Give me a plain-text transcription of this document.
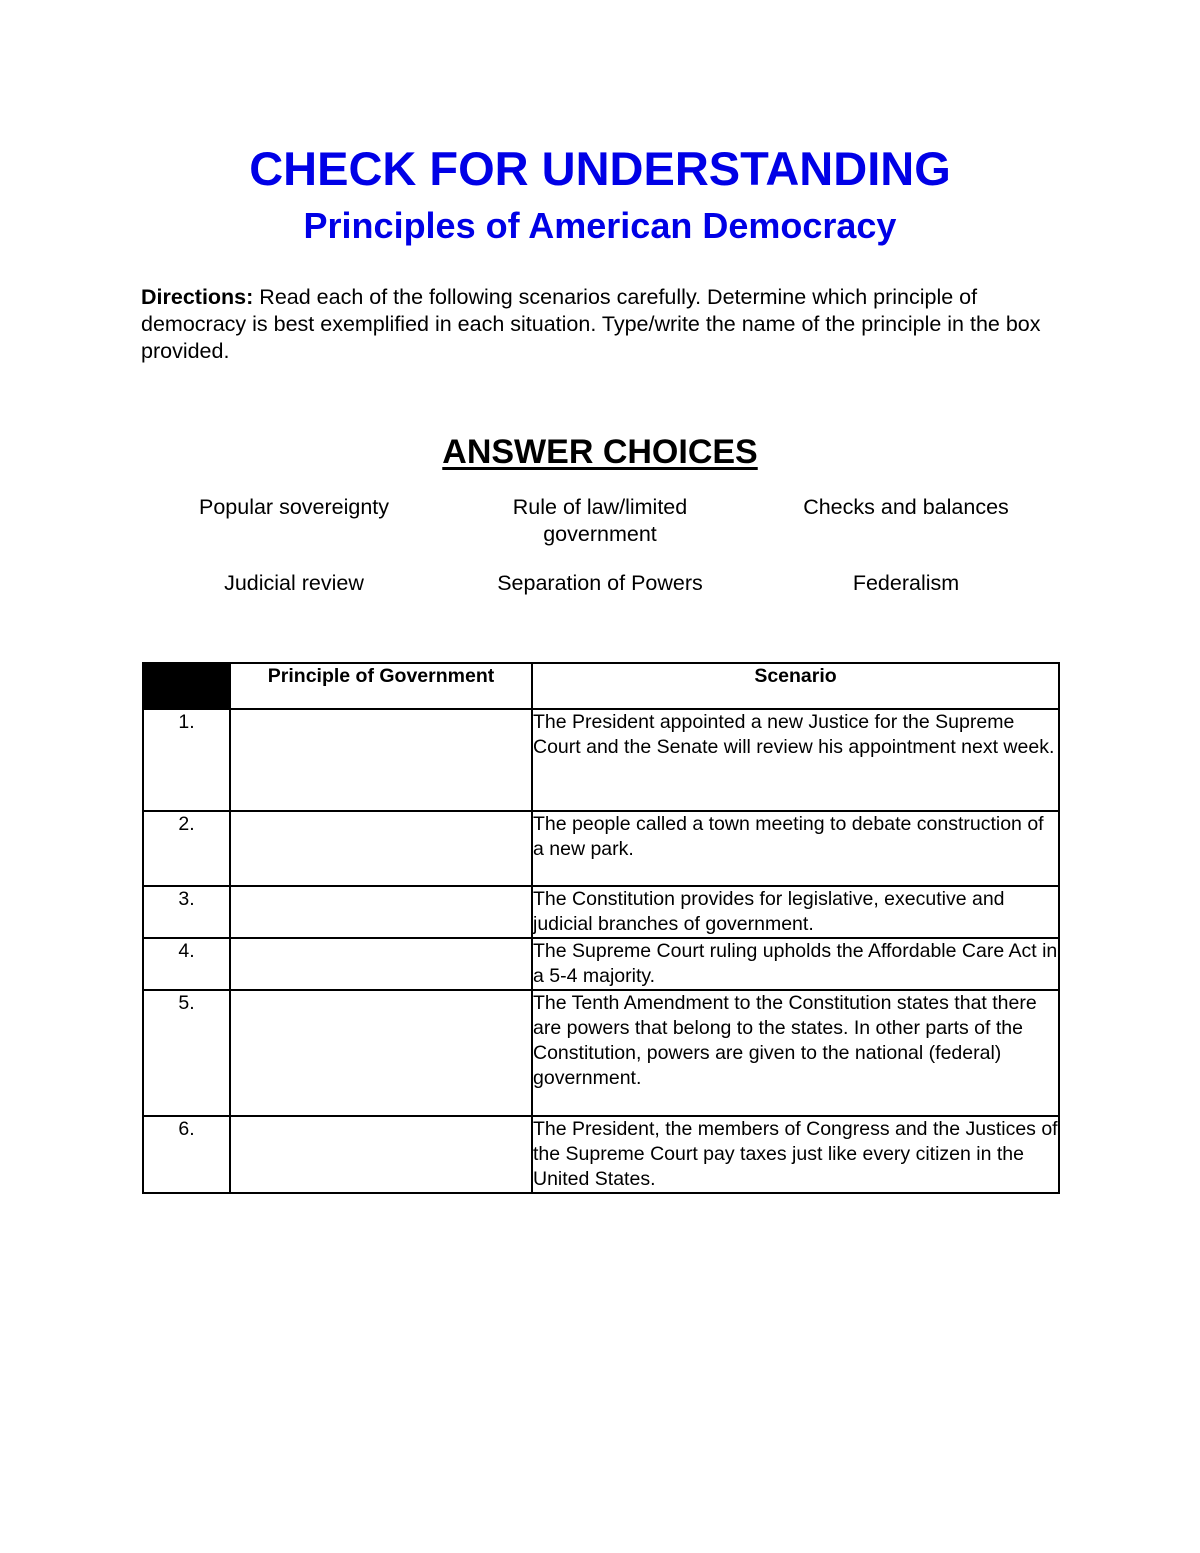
CHECK FOR UNDERSTANDING
Principles of American Democracy

Directions: Read each of the following scenarios carefully. Determine which principle of democracy is best exemplified in each situation. Type/write the name of the principle in the box provided.

ANSWER CHOICES
Popular sovereignty	Rule of law/limited government
Checks and balances
Judicial review	Separation of Powers	Federalism
	Principle of Government	Scenario
1.		The President appointed a new Justice for the Supreme Court and the Senate will review his appointment next week.
2.		The people called a town meeting to debate construction of a new park.
3.		The Constitution provides for legislative, executive and judicial branches of government.
4.		The Supreme Court ruling upholds the Affordable Care Act in a 5-4 majority.
5.		The Tenth Amendment to the Constitution states that there are powers that belong to the states. In other parts of the Constitution, powers are given to the national (federal) government.
6.		The President, the members of Congress and the Justices of the Supreme Court pay taxes just like every citizen in the United States.
